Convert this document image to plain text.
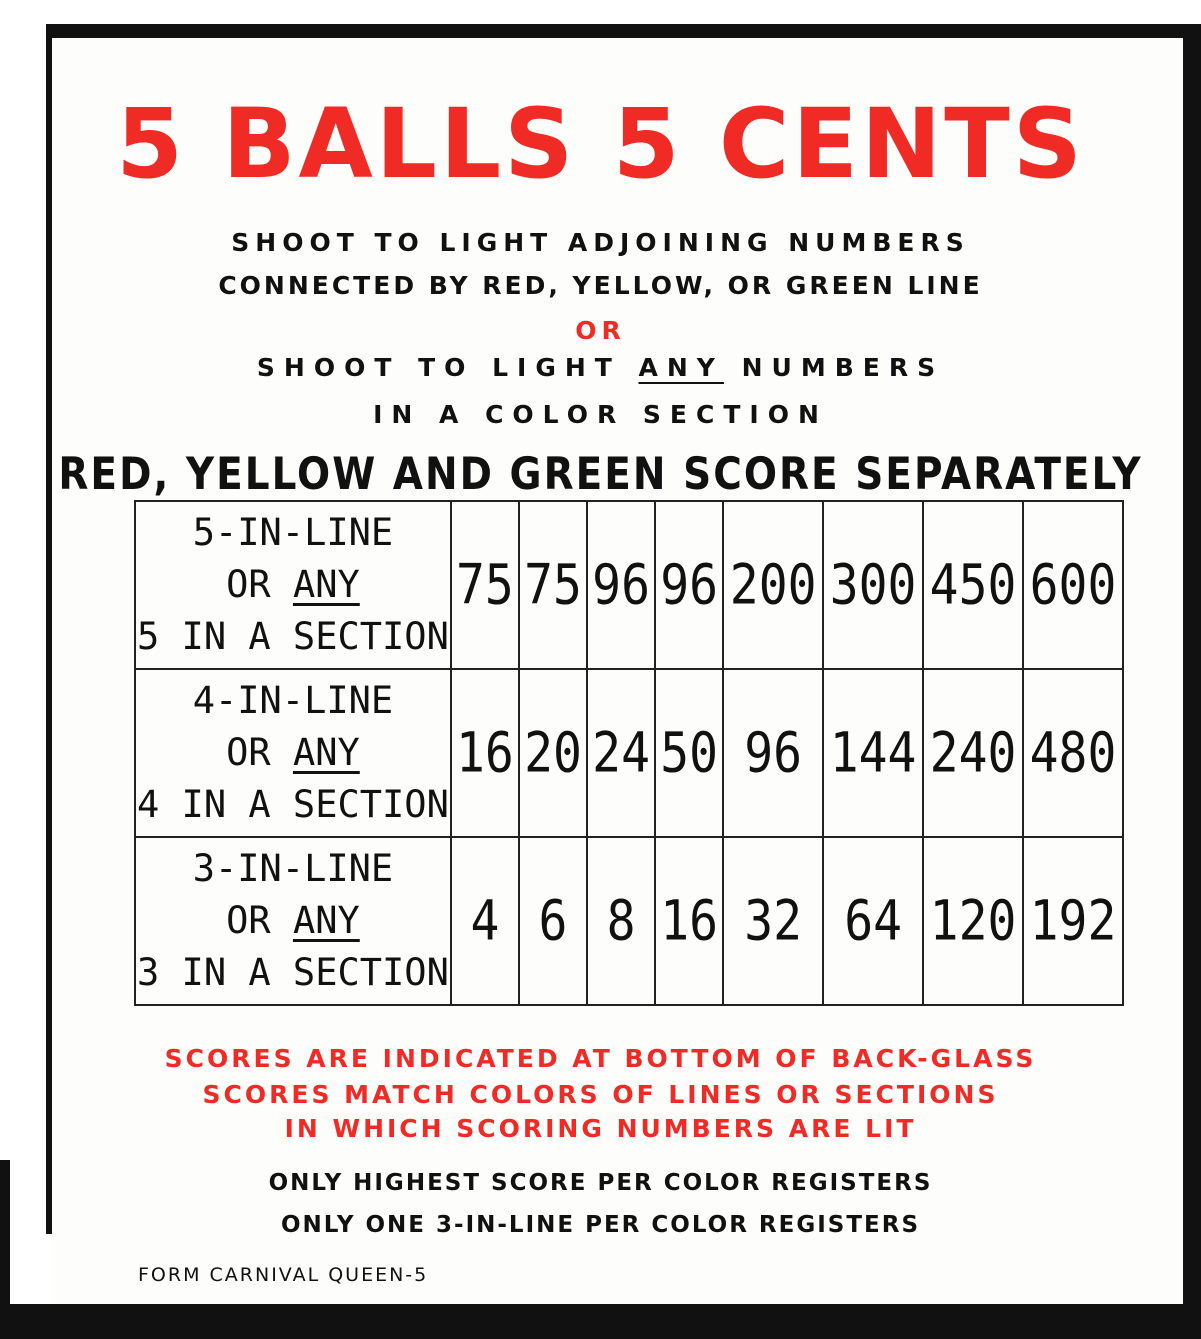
5 BALLS 5 CENTS
SHOOT TO LIGHT ADJOINING NUMBERS
CONNECTED BY RED, YELLOW, OR GREEN LINE
OR
SHOOT TO LIGHT ANY NUMBERS
IN A COLOR SECTION
RED, YELLOW AND GREEN SCORE SEPARATELY
5-IN-LINE
OR ANY
5 IN A SECTION	75	75	96	96	200	300	450	600

4-IN-LINE
OR ANY
4 IN A SECTION	16	20	24	50	96	144	240	480

3-IN-LINE
OR ANY
3 IN A SECTION	4	6	8	16	32	64	120	192
SCORES ARE INDICATED AT BOTTOM OF BACK-GLASS
SCORES MATCH COLORS OF LINES OR SECTIONS
IN WHICH SCORING NUMBERS ARE LIT
ONLY HIGHEST SCORE PER COLOR REGISTERS
ONLY ONE 3-IN-LINE PER COLOR REGISTERS
FORM CARNIVAL QUEEN-5
